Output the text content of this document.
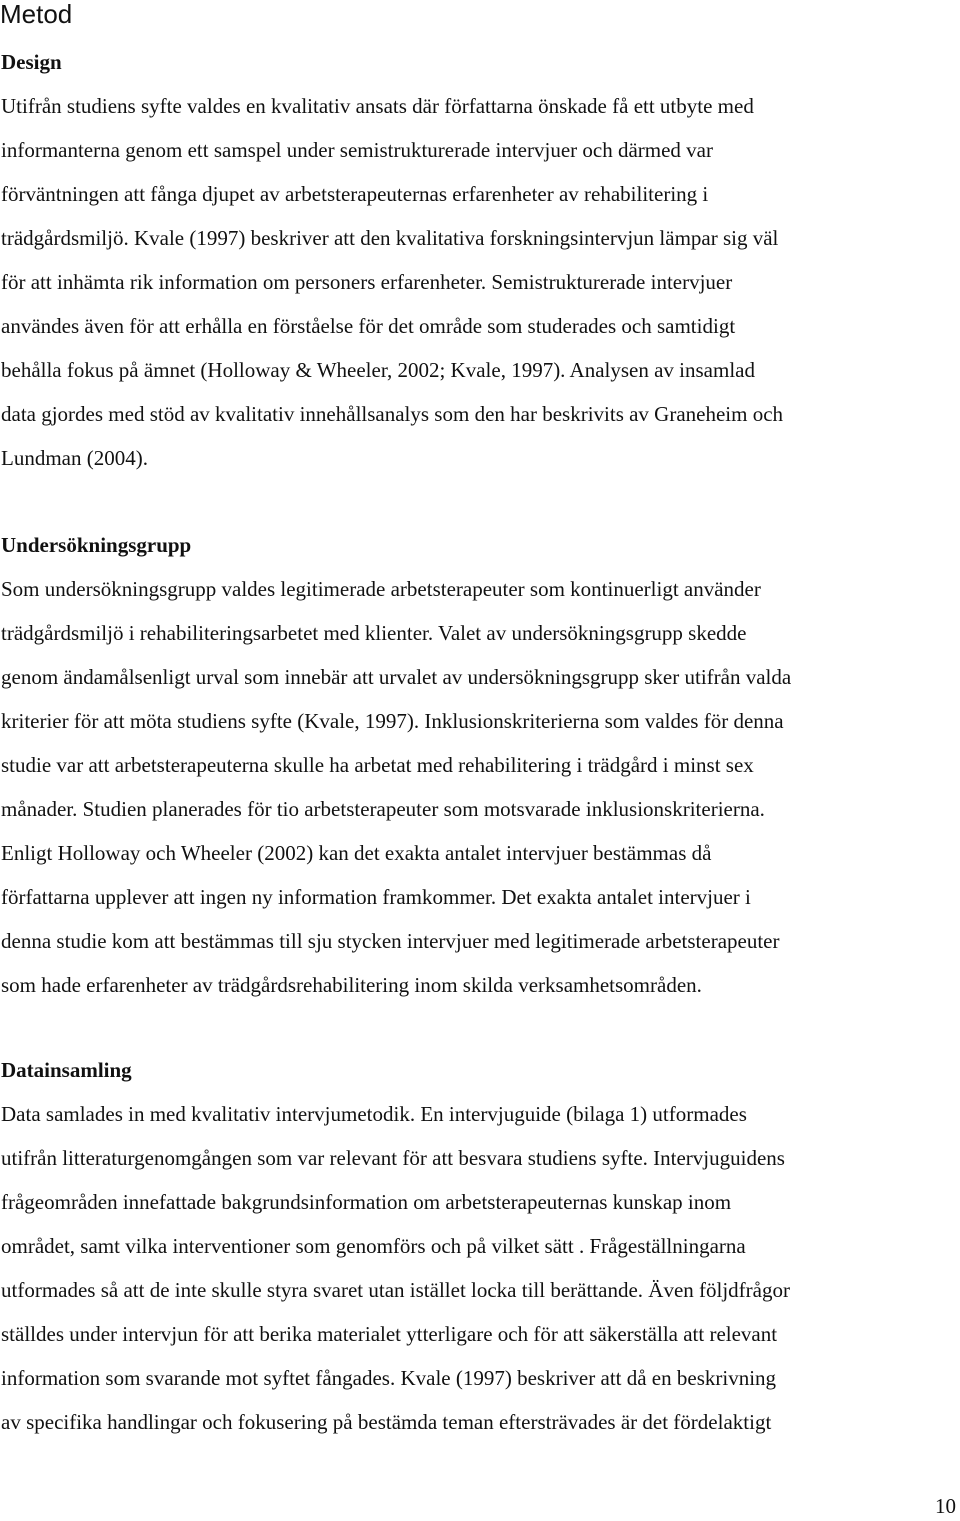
Metod
Design

Utifrån studiens syfte valdes en kvalitativ ansats där författarna önskade få ett utbyte med
informanterna genom ett samspel under semistrukturerade intervjuer och därmed var
förväntningen att fånga djupet av arbetsterapeuternas erfarenheter av rehabilitering i
trädgårdsmiljö. Kvale (1997) beskriver att den kvalitativa forskningsintervjun lämpar sig väl
för att inhämta rik information om personers erfarenheter. Semistrukturerade intervjuer
användes även för att erhålla en förståelse för det område som studerades och samtidigt
behålla fokus på ämnet (Holloway & Wheeler, 2002; Kvale, 1997). Analysen av insamlad
data gjordes med stöd av kvalitativ innehållsanalys som den har beskrivits av Graneheim och
Lundman (2004).

Undersökningsgrupp

Som undersökningsgrupp valdes legitimerade arbetsterapeuter som kontinuerligt använder
trädgårdsmiljö i rehabiliteringsarbetet med klienter. Valet av undersökningsgrupp skedde
genom ändamålsenligt urval som innebär att urvalet av undersökningsgrupp sker utifrån valda
kriterier för att möta studiens syfte (Kvale, 1997). Inklusionskriterierna som valdes för denna
studie var att arbetsterapeuterna skulle ha arbetat med rehabilitering i trädgård i minst sex
månader. Studien planerades för tio arbetsterapeuter som motsvarade inklusionskriterierna.
Enligt Holloway och Wheeler (2002) kan det exakta antalet intervjuer bestämmas då
författarna upplever att ingen ny information framkommer. Det exakta antalet intervjuer i
denna studie kom att bestämmas till sju stycken intervjuer med legitimerade arbetsterapeuter
som hade erfarenheter av trädgårdsrehabilitering inom skilda verksamhetsområden.

Datainsamling

Data samlades in med kvalitativ intervjumetodik. En intervjuguide (bilaga 1) utformades
utifrån litteraturgenomgången som var relevant för att besvara studiens syfte. Intervjuguidens
frågeområden innefattade bakgrundsinformation om arbetsterapeuternas kunskap inom
området, samt vilka interventioner som genomförs och på vilket sätt . Frågeställningarna
utformades så att de inte skulle styra svaret utan istället locka till berättande. Även följdfrågor
ställdes under intervjun för att berika materialet ytterligare och för att säkerställa att relevant
information som svarande mot syftet fångades. Kvale (1997) beskriver att då en beskrivning
av specifika handlingar och fokusering på bestämda teman eftersträvades är det fördelaktigt

10
